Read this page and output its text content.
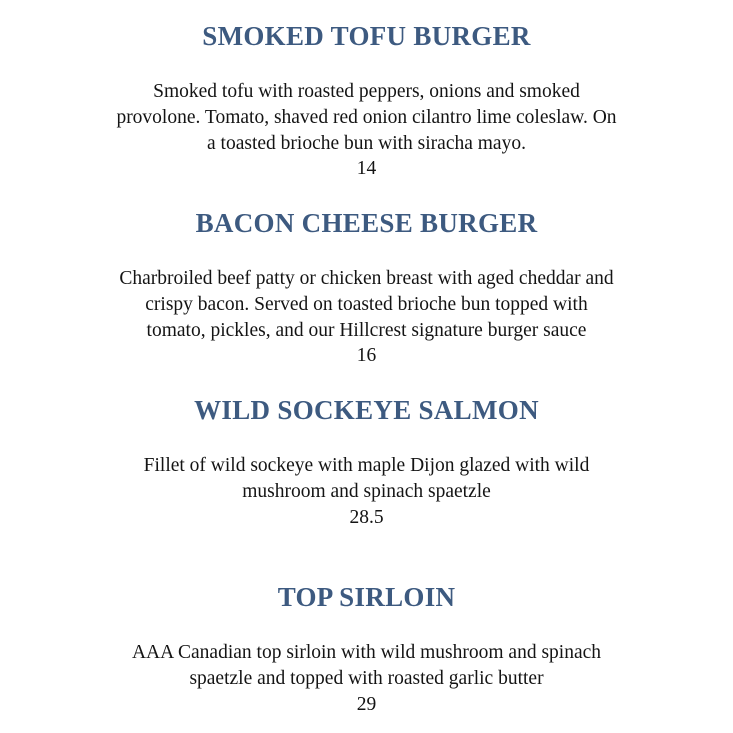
SMOKED TOFU BURGER

Smoked tofu with roasted peppers, onions and smoked
provolone. Tomato, shaved red onion cilantro lime coleslaw. On
a toasted brioche bun with siracha mayo.

14

BACON CHEESE BURGER

Charbroiled beef patty or chicken breast with aged cheddar and
crispy bacon. Served on toasted brioche bun topped with
tomato, pickles, and our Hillcrest signature burger sauce

16

WILD SOCKEYE SALMON

Fillet of wild sockeye with maple Dijon glazed with wild
mushroom and spinach spaetzle

28.5

TOP SIRLOIN

AAA Canadian top sirloin with wild mushroom and spinach
spaetzle and topped with roasted garlic butter

29
